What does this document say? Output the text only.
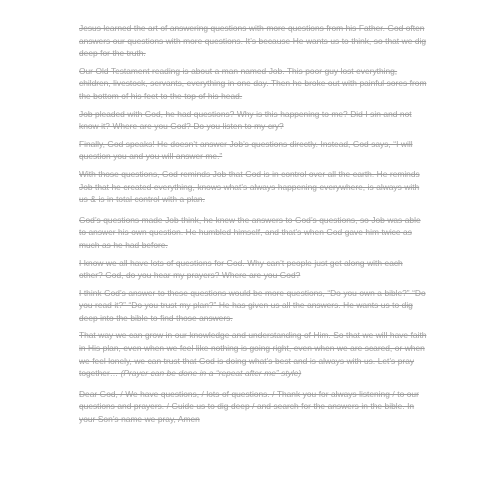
Jesus learned the art of answering questions with more questions from his Father. God often answers our questions with more questions. It’s because He wants us to think, so that we dig deep for the truth.

Our Old Testament reading is about a man named Job. This poor guy lost everything, children, livestock, servants, everything in one day. Then he broke out with painful sores from the bottom of his feet to the top of his head.

Job pleaded with God, he had questions? Why is this happening to me? Did I sin and not know it? Where are you God? Do you listen to my cry?

Finally, God speaks! He doesn’t answer Job’s questions directly. Instead, God says, “I will question you and you will answer me.”

With those questions, God reminds Job that God is in control over all the earth. He reminds Job that he created everything, knows what’s always happening everywhere, is always with us & is in total control with a plan.

God’s questions made Job think, he knew the answers to God’s questions, so Job was able to answer his own question. He humbled himself, and that’s when God gave him twice as much as he had before.

I know we all have lots of questions for God. Why can’t people just get along with each other? God, do you hear my prayers? Where are you God?

I think God’s answer to these questions would be more questions, “Do you own a bible?” “Do you read it?” “Do you trust my plan?” He has given us all the answers. He wants us to dig deep into the bible to find those answers.

That way we can grow in our knowledge and understanding of Him. So that we will have faith in His plan, even when we feel like nothing is going right, even when we are scared, or when we feel lonely, we can trust that God is doing what’s best and is always with us. Let’s pray together… (Prayer can be done in a “repeat after me” style)

Dear God, / We have questions, / lots of questions. / Thank you for always listening / to our questions and prayers. / Guide us to dig deep / and search for the answers in the bible. In your Son’s name we pray, Amen
